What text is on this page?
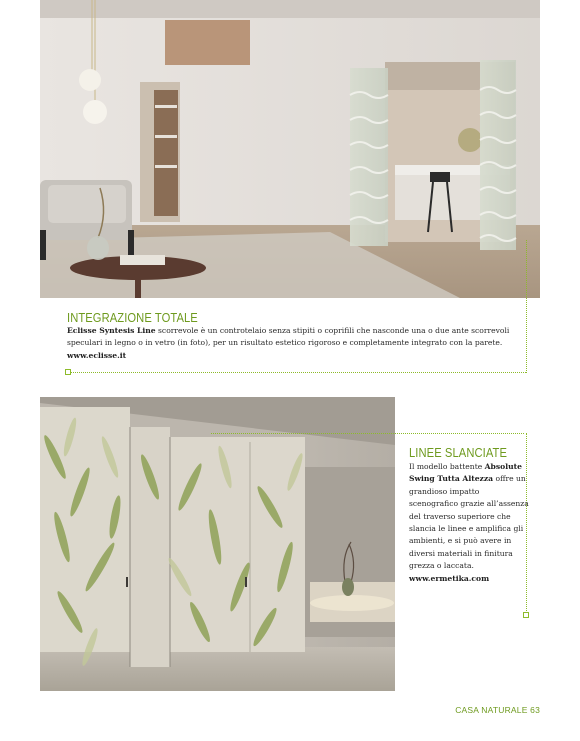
INTEGRAZIONE TOTALE

Eclisse Syntesis Line scorrevole è un controtelaio senza stipiti o coprifili che nasconde una o due ante scorrevoli speculari in legno o in vetro (in foto), per un risultato estetico rigoroso e completamente integrato con la parete. www.eclisse.it

LINEE SLANCIATE

Il modello battente Absolute Swing Tutta Altezza offre un grandioso impatto scenografico grazie all’assenza del traverso superiore che slancia le linee e amplifica gli ambienti, e si può avere in diversi materiali in finitura grezza o laccata.
www.ermetika.com

CASA NATURALE 63
